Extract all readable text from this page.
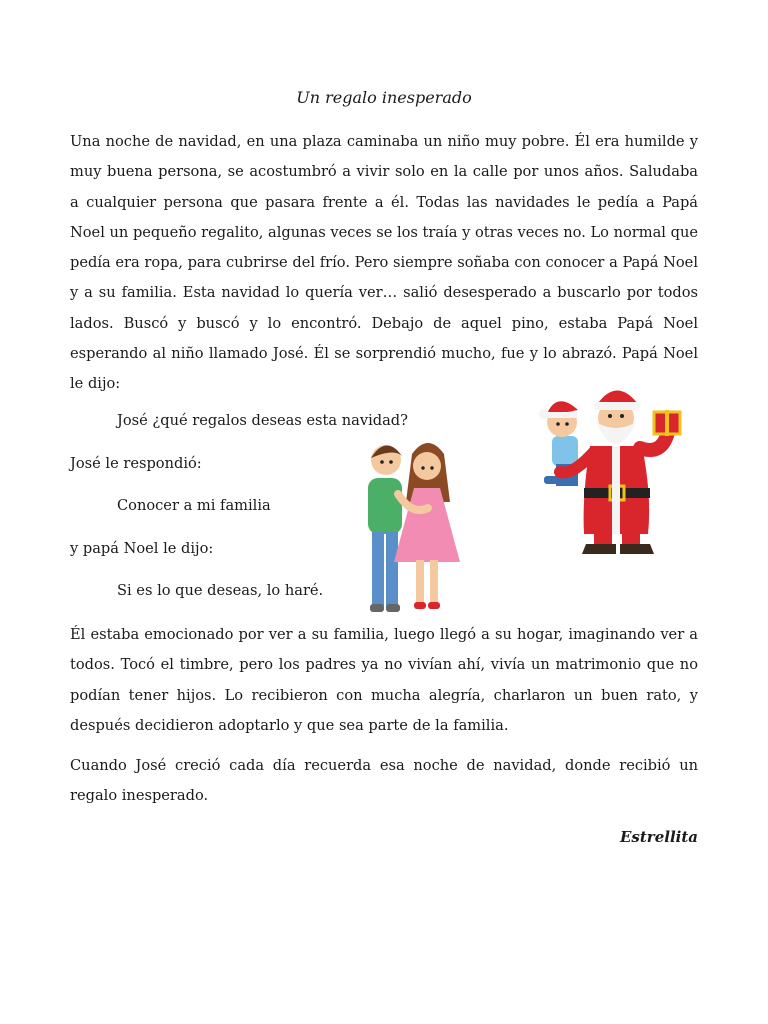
Un regalo inesperado
Una noche de navidad, en una plaza caminaba un niño muy pobre. Él era humilde y muy buena persona, se acostumbró a vivir solo en la calle por unos años. Saludaba a cualquier persona que pasara frente a él. Todas las navidades le pedía a Papá Noel un pequeño regalito, algunas veces se los traía y otras veces no. Lo normal que pedía era ropa, para cubrirse del frío. Pero siempre soñaba con conocer a Papá Noel y a su familia. Esta navidad lo quería ver… salió desesperado a buscarlo por todos lados. Buscó y buscó y lo encontró. Debajo de aquel pino, estaba Papá Noel esperando al niño llamado José. Él se sorprendió mucho, fue y lo abrazó. Papá Noel le dijo:

José ¿qué regalos deseas esta navidad?

José le respondió:

Conocer a mi familia

y papá Noel le dijo:

Si es lo que deseas, lo haré.

Él estaba emocionado por ver a su familia, luego llegó a su hogar, imaginando ver a todos. Tocó el timbre, pero los padres ya no vivían ahí, vivía un matrimonio que no podían tener hijos. Lo recibieron con mucha alegría, charlaron un buen rato, y después decidieron adoptarlo y que sea parte de la familia.
Cuando José creció cada día recuerda esa noche de navidad, donde recibió un regalo inesperado.

Estrellita
